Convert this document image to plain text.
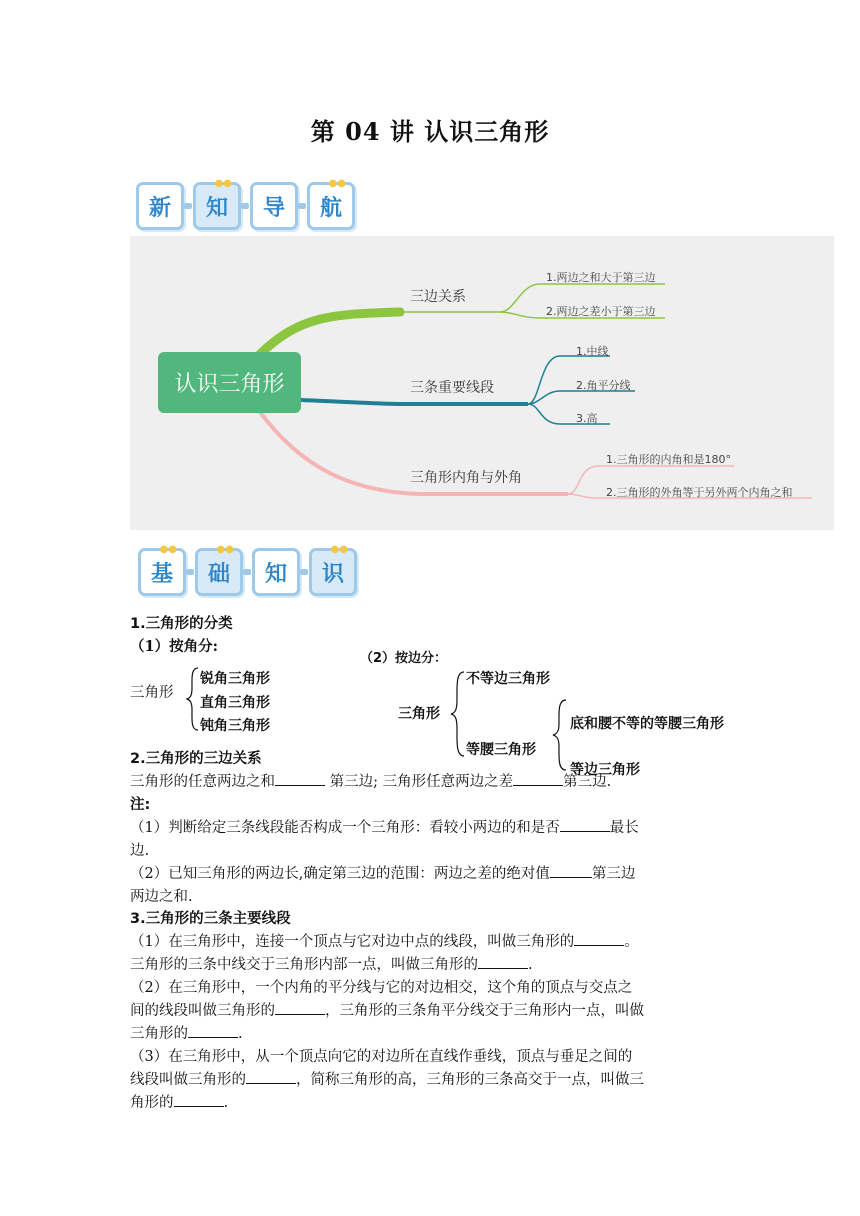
第 04 讲 认识三角形
新
●●
知 导
●●
航
认识三角形
三边关系
1.两边之和大于第三边
2.两边之差小于第三边
三条重要线段
1.中线
2.角平分线
3.高
三角形内角与外角
1.三角形的内角和是180°
2.三角形的外角等于另外两个内角之和
●●
基
●●
础 知
●●
识
1.三角形的分类
（1）按角分:
三角形
锐角三角形
直角三角形
钝角三角形
（2）按边分：
三角形
不等边三角形
等腰三角形
底和腰不等的等腰三角形
等边三角形
2.三角形的三边关系
三角形的任意两边之和	第三边; 三角形任意两边之差	第三边.
注:
（1）判断给定三条线段能否构成一个三角形：看较小两边的和是否	最长
边.
（2）已知三角形的两边长,确定第三边的范围：两边之差的绝对值	第三边
两边之和.
3.三角形的三条主要线段
（1）在三角形中，连接一个顶点与它对边中点的线段，叫做三角形的	。
三角形的三条中线交于三角形内部一点，叫做三角形的	.
（2）在三角形中，一个内角的平分线与它的对边相交，这个角的顶点与交点之
间的线段叫做三角形的	，三角形的三条角平分线交于三角形内一点，叫做
三角形的	.
（3）在三角形中，从一个顶点向它的对边所在直线作垂线，顶点与垂足之间的
线段叫做三角形的	，简称三角形的高，三角形的三条高交于一点，叫做三
角形的	.
